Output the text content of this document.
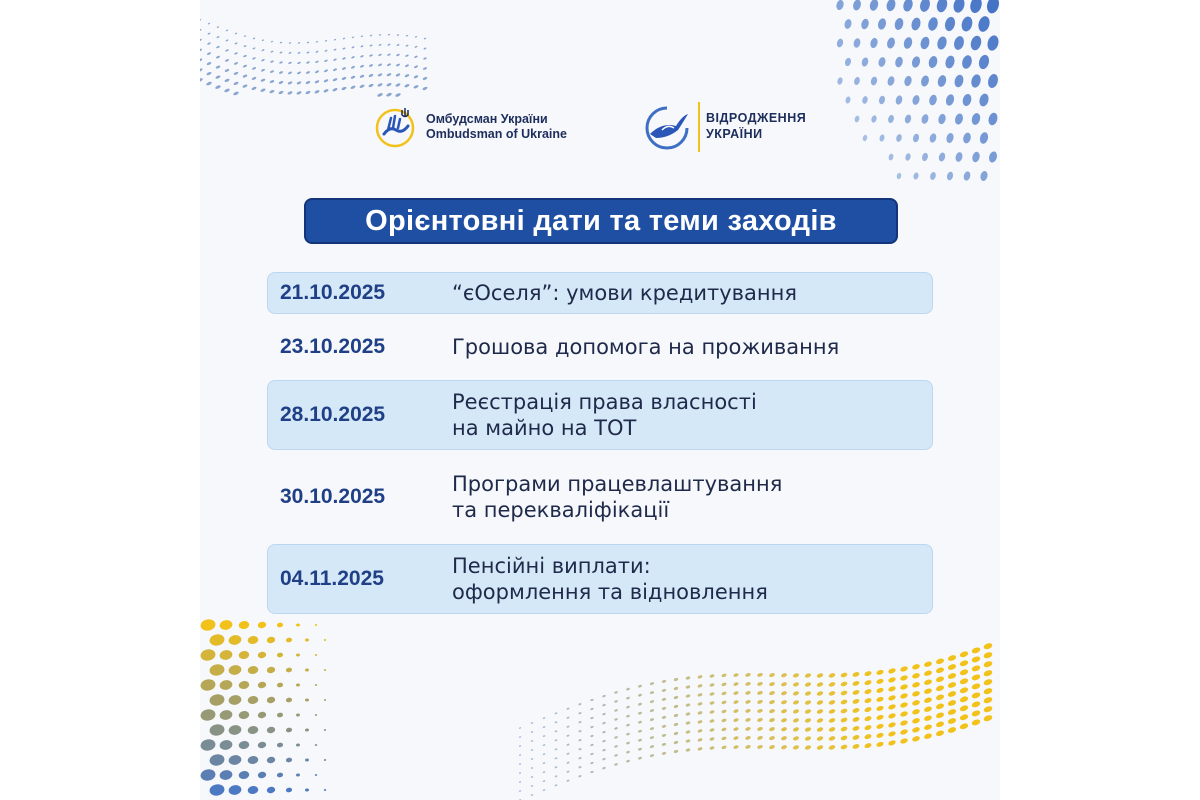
Омбудсман України
Ombudsman of Ukraine
ВІДРОДЖЕННЯ
УКРАЇНИ
Орієнтовні дати та теми заходів
21.10.2025	“єОселя”: умови кредитування
23.10.2025	Грошова допомога на проживання
28.10.2025
Реєстрація права власності
на майно на ТОТ
30.10.2025
Програми працевлаштування
та перекваліфікації
04.11.2025
Пенсійні виплати:
оформлення та відновлення
